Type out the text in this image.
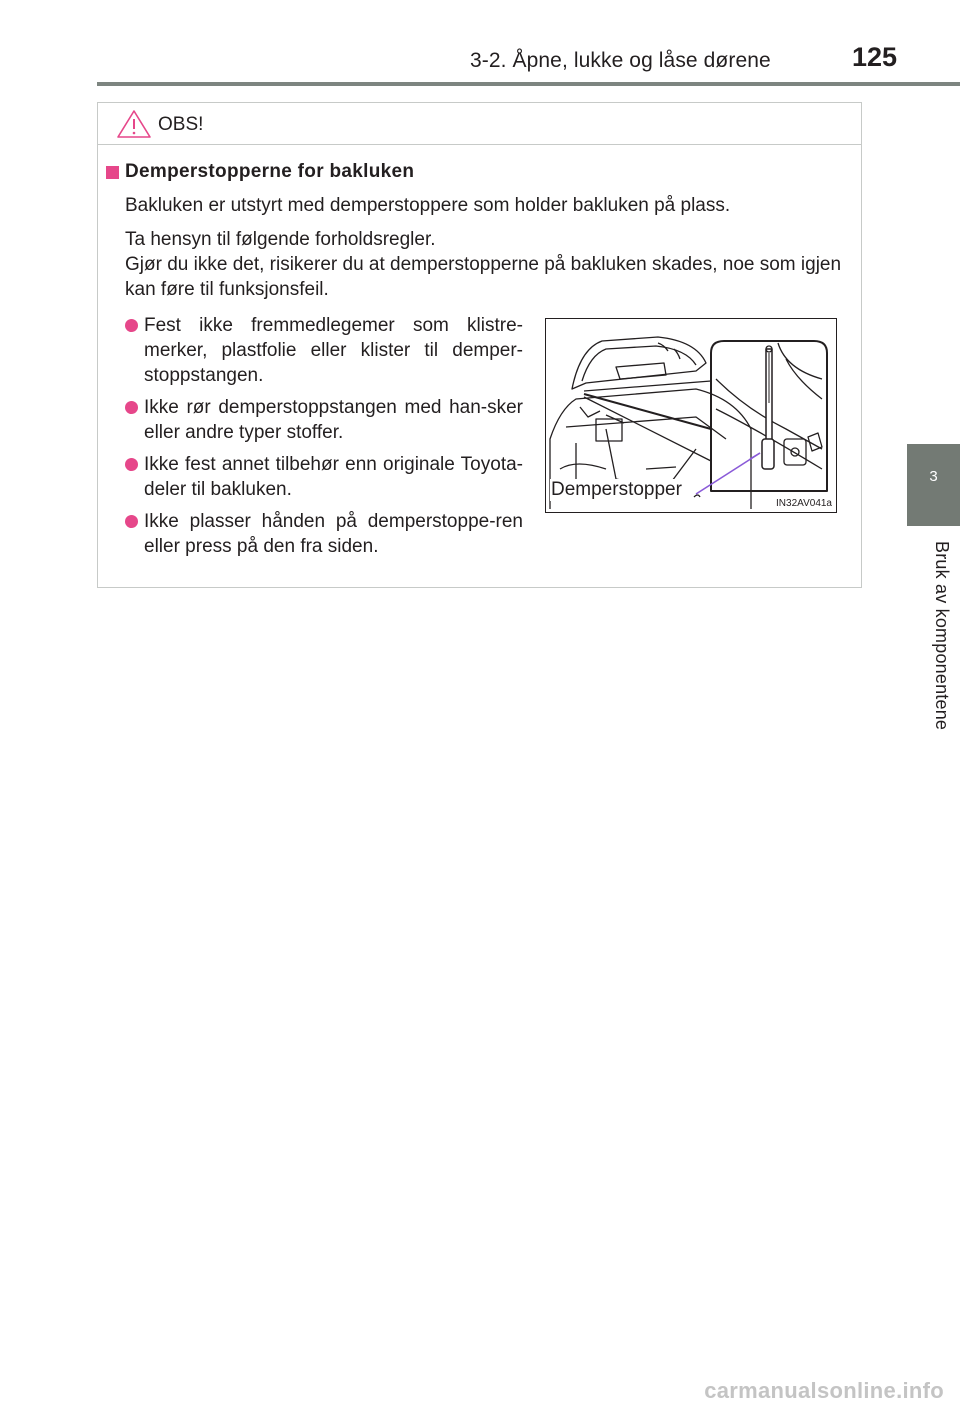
3-2. Åpne, lukke og låse dørene	125
3
Bruk av komponentene
OBS!
Demperstopperne for bakluken
Bakluken er utstyrt med demperstoppere som holder bakluken på plass.
Ta hensyn til følgende forholdsregler.
Gjør du ikke det, risikerer du at demperstopperne på bakluken skades, noe som igjen kan føre til funksjonsfeil.
Fest ikke fremmedlegemer som klistre-merker, plastfolie eller klister til demper-stoppstangen.
Ikke rør demperstoppstangen med han-sker eller andre typer stoffer.
Ikke fest annet tilbehør enn originale Toyota-deler til bakluken.
Ikke plasser hånden på demperstoppe-ren eller press på den fra siden.
Demperstopper
IN32AV041a
carmanualsonline.info
